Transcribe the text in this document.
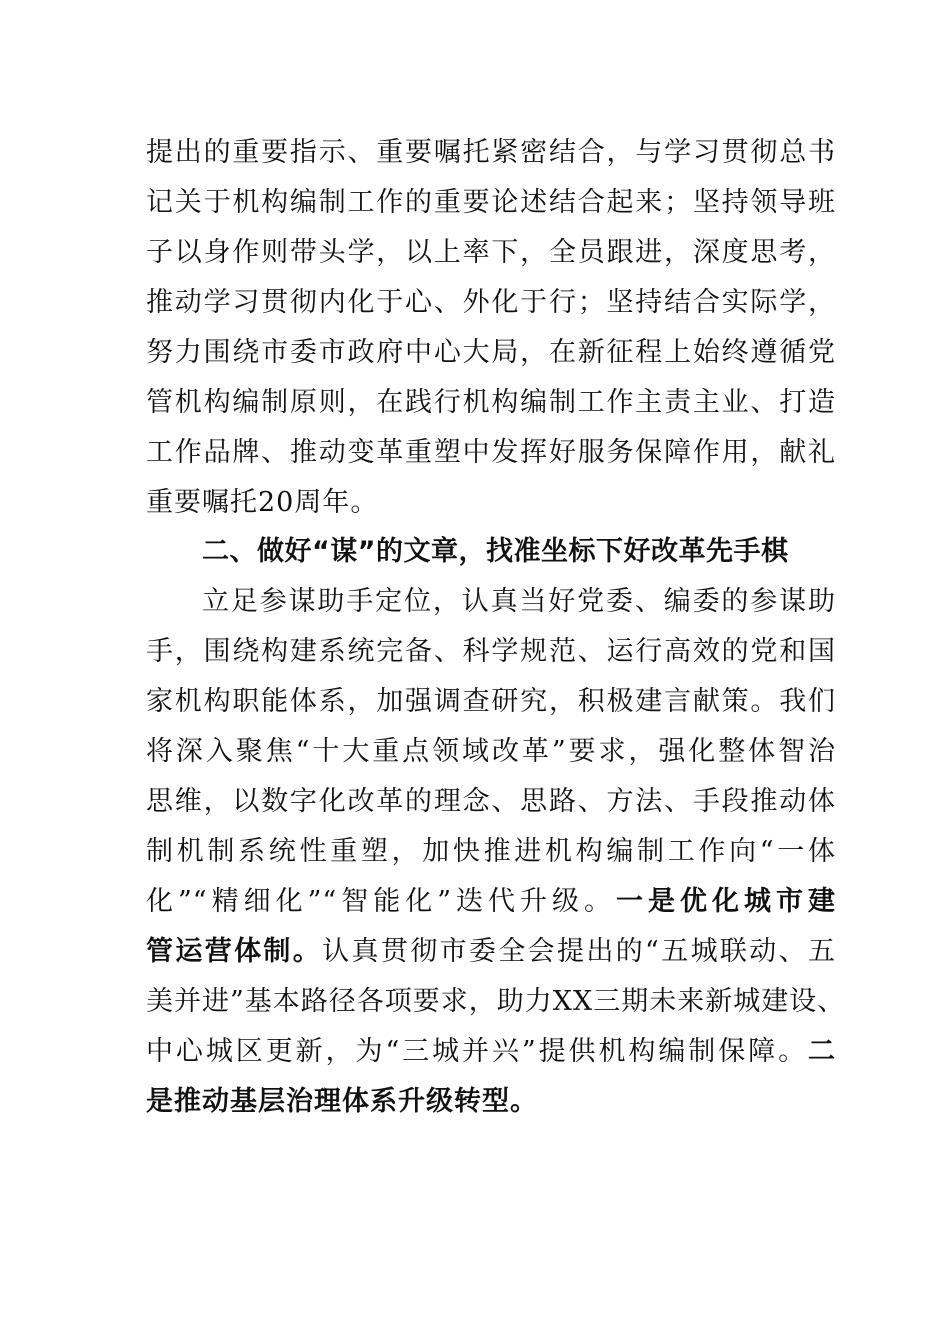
提出的重要指示、重要嘱托紧密结合，与学习贯彻总书
记关于机构编制工作的重要论述结合起来；坚持领导班
子以身作则带头学，以上率下，全员跟进，深度思考，
推动学习贯彻内化于心、外化于行；坚持结合实际学，
努力围绕市委市政府中心大局，在新征程上始终遵循党
管机构编制原则，在践行机构编制工作主责主业、打造
工作品牌、推动变革重塑中发挥好服务保障作用，献礼
重要嘱托20周年。
二、做好“谋”的文章，找准坐标下好改革先手棋
立足参谋助手定位，认真当好党委、编委的参谋助
手，围绕构建系统完备、科学规范、运行高效的党和国
家机构职能体系，加强调查研究，积极建言献策。我们
将深入聚焦“十大重点领域改革”要求，强化整体智治
思维，以数字化改革的理念、思路、方法、手段推动体
制机制系统性重塑，加快推进机构编制工作向“一体
化”“精细化”“智能化”迭代升级。一是优化城市建
管运营体制。认真贯彻市委全会提出的“五城联动、五
美并进”基本路径各项要求，助力XX三期未来新城建设、
中心城区更新，为“三城并兴”提供机构编制保障。二
是推动基层治理体系升级转型。
